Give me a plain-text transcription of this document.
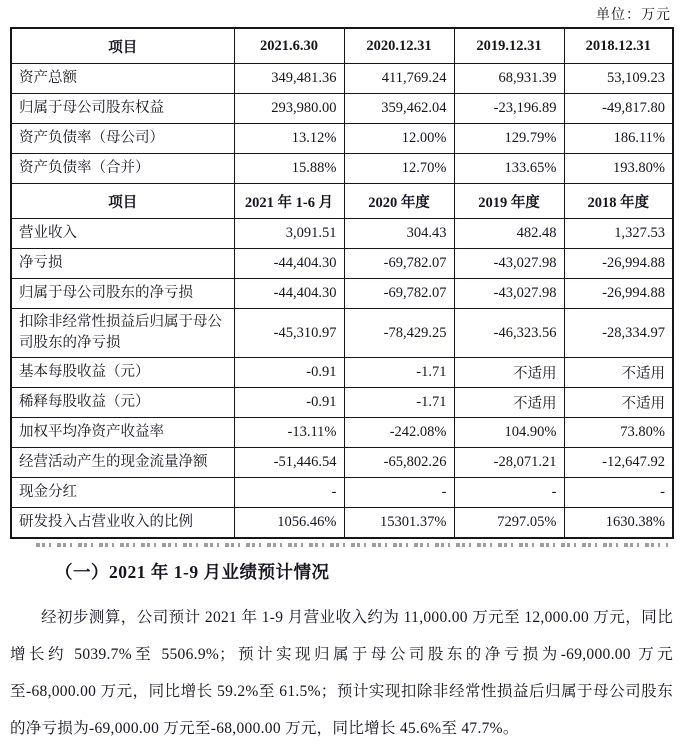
单位：万元
项目	2021.6.30	2020.12.31	2019.12.31	2018.12.31
资产总额	349,481.36	411,769.24	68,931.39	53,109.23
归属于母公司股东权益	293,980.00	359,462.04	-23,196.89	-49,817.80
资产负债率（母公司）	13.12%	12.00%	129.79%	186.11%
资产负债率（合并）	15.88%	12.70%	133.65%	193.80%
项目	2021 年 1-6 月	2020 年度	2019 年度	2018 年度
营业收入	3,091.51	304.43	482.48	1,327.53
净亏损	-44,404.30	-69,782.07	-43,027.98	-26,994.88
归属于母公司股东的净亏损	-44,404.30	-69,782.07	-43,027.98	-26,994.88
扣除非经常性损益后归属于母公司股东的净亏损	-45,310.97	-78,429.25	-46,323.56	-28,334.97
基本每股收益（元）	-0.91	-1.71	不适用	不适用
稀释每股收益（元）	-0.91	-1.71	不适用	不适用
加权平均净资产收益率	-13.11%	-242.08%	104.90%	73.80%
经营活动产生的现金流量净额	-51,446.54	-65,802.26	-28,071.21	-12,647.92
现金分红	-	-	-	-
研发投入占营业收入的比例	1056.46%	15301.37%	7297.05%	1630.38%
（一）2021 年 1-9 月业绩预计情况

经初步测算，公司预计 2021 年 1-9 月营业收入约为 11,000.00 万元至 12,000.00 万元，同比增长约 5039.7%至 5506.9%；预计实现归属于母公司股东的净亏损为-69,000.00 万元至-68,000.00 万元，同比增长 59.2%至 61.5%；预计实现扣除非经常性损益后归属于母公司股东的净亏损为-69,000.00 万元至-68,000.00 万元，同比增长 45.6%至 47.7%。
